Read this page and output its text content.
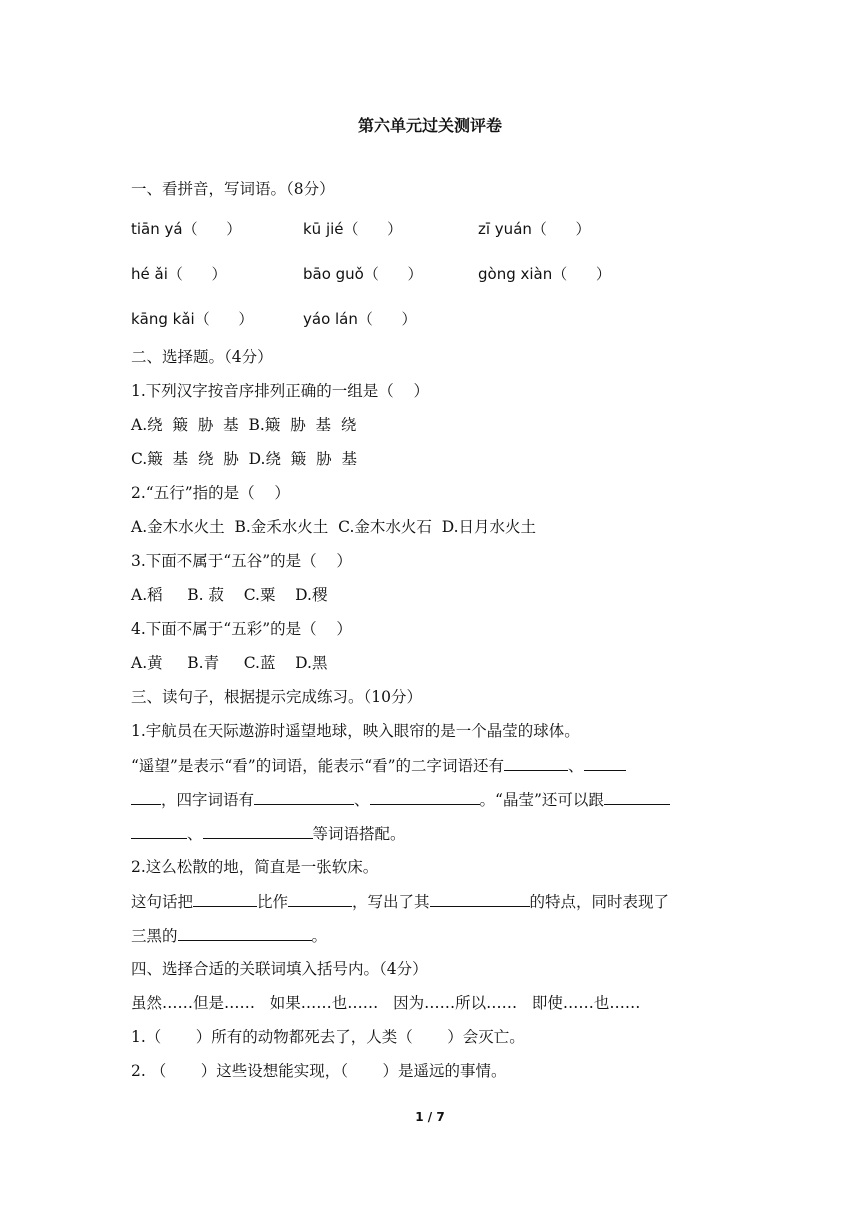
第六单元过关测评卷
一、看拼音，写词语。（8分）
tiān yá（      ）	kū jié（      ）	zī yuán（      ）
hé ǎi（      ）	bāo guǒ（      ）	gòng xiàn（      ）
kāng kǎi（      ）	yáo lán（      ）
二、选择题。（4分）
1.下列汉字按音序排列正确的一组是（    ）
A.绕  簸  胁  基  B.簸  胁  基  绕
C.簸  基  绕  胁  D.绕  簸  胁  基
2.“五行”指的是（    ）
A.金木水火土  B.金禾水火土  C.金木水火石  D.日月水火土
3.下面不属于“五谷”的是（    ）
A.稻     B. 菽    C.粟    D.稷
4.下面不属于“五彩”的是（    ）
A.黄     B.青     C.蓝    D.黑
三、读句子，根据提示完成练习。（10分）
1.宇航员在天际遨游时遥望地球，映入眼帘的是一个晶莹的球体。
“遥望”是表示“看”的词语，能表示“看”的二字词语还有	、
，四字词语有	、	。“晶莹”还可以跟
、	等词语搭配。
2.这么松散的地，简直是一张软床。
这句话把	比作	，写出了其	的特点，同时表现了
三黑的	。
四、选择合适的关联词填入括号内。（4分）
虽然……但是……   如果……也……   因为……所以……   即使……也……
1.（       ）所有的动物都死去了，人类（       ）会灭亡。
2. （       ）这些设想能实现，（       ）是遥远的事情。
1 / 7
